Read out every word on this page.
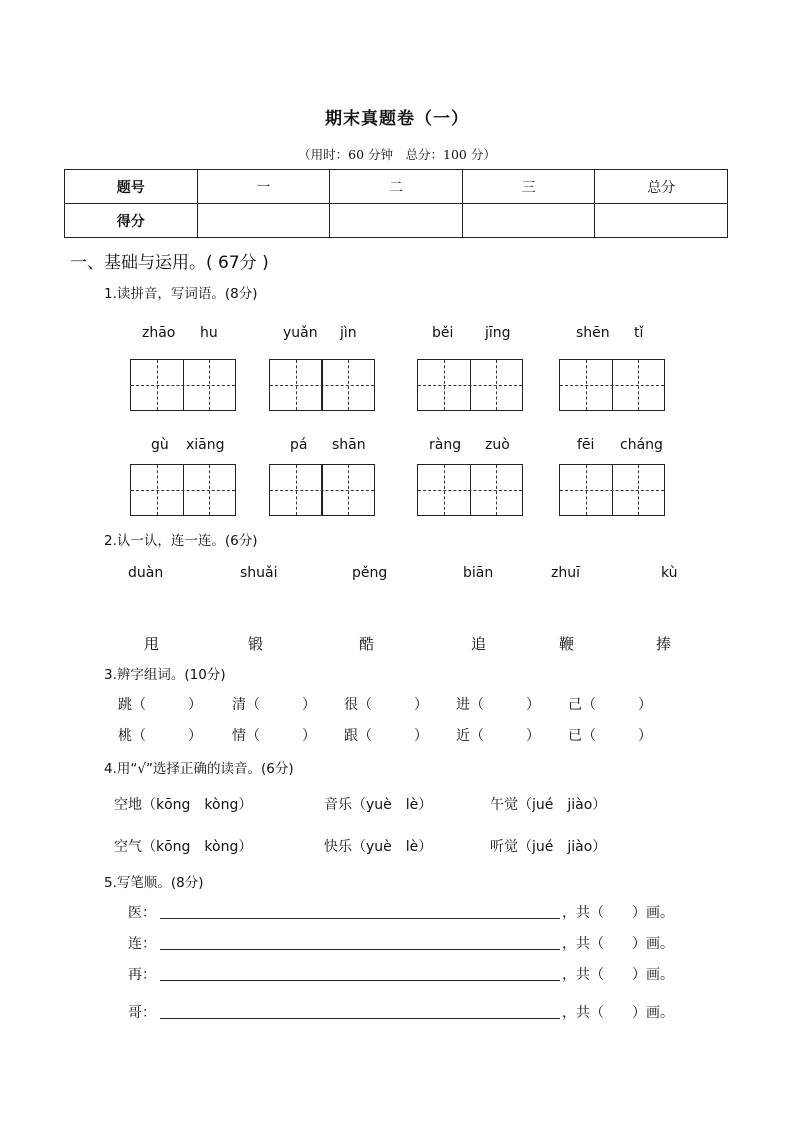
期末真题卷（一）
（用时：60 分钟　总分：100 分）
题号	一	二	三	总分
得分				
一、基础与运用。( 67分 )
1.读拼音，写词语。(8分)
zhāo hu	yuǎn jìn	běi jīng	shēn tǐ
gù xiāng	pá shān	ràng zuò	fēi cháng
2.认一认，连一连。(6分)
duàn	shuǎi	pěng	biān	zhuī	kù
甩	锻	酷	追	鞭	捧
3.辨字组词。(10分)
跳（　　　） 清（　　　） 很（　　　） 进（　　　） 己（　　　）
桃（　　　） 情（　　　） 跟（　　　） 近（　　　） 已（　　　）
4.用“√”选择正确的读音。(6分)
空地（kōng　kòng）	音乐（yuè　lè）	午觉（jué　jiào）
空气（kōng　kòng）	快乐（yuè　lè）	听觉（jué　jiào）
5.写笔顺。(8分)
医：	，共（　　）画。
连：	，共（　　）画。
再：	，共（　　）画。
哥：	，共（　　）画。
